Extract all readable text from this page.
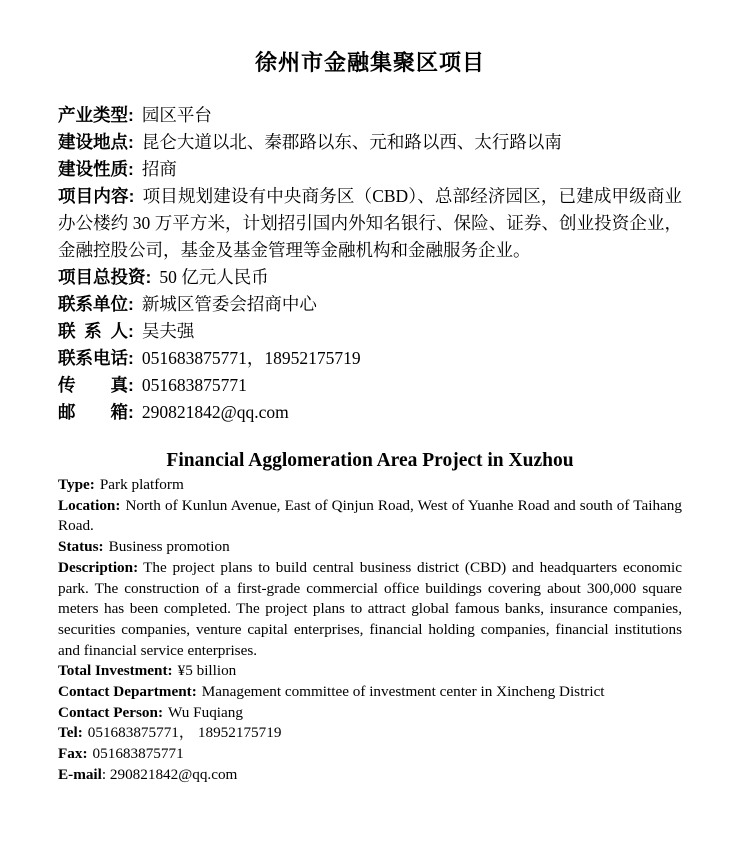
徐州市金融集聚区项目

产业类型: 园区平台

建设地点: 昆仑大道以北、秦郡路以东、元和路以西、太行路以南

建设性质: 招商

项目内容: 项目规划建设有中央商务区（CBD）、总部经济园区，已建成甲级商业办公楼约 30 万平方米，计划招引国内外知名银行、保险、证券、创业投资企业，金融控股公司，基金及基金管理等金融机构和金融服务企业。

项目总投资: 50 亿元人民币

联系单位: 新城区管委会招商中心

联 系 人: 吴夫强

联系电话: 051683875771，18952175719

传　　真: 051683875771

邮　　箱: 290821842@qq.com

Financial Agglomeration Area Project in Xuzhou

Type: Park platform

Location: North of Kunlun Avenue, East of Qinjun Road, West of Yuanhe Road and south of Taihang Road.

Status: Business promotion

Description: The project plans to build central business district (CBD) and headquarters economic park. The construction of a first-grade commercial office buildings covering about 300,000 square meters has been completed. The project plans to attract global famous banks, insurance companies, securities companies, venture capital enterprises, financial holding companies, financial institutions and financial service enterprises.

Total Investment: ¥5 billion

Contact Department: Management committee of investment center in Xincheng District

Contact Person: Wu Fuqiang

Tel: 051683875771， 18952175719

Fax: 051683875771

E-mail: 290821842@qq.com
